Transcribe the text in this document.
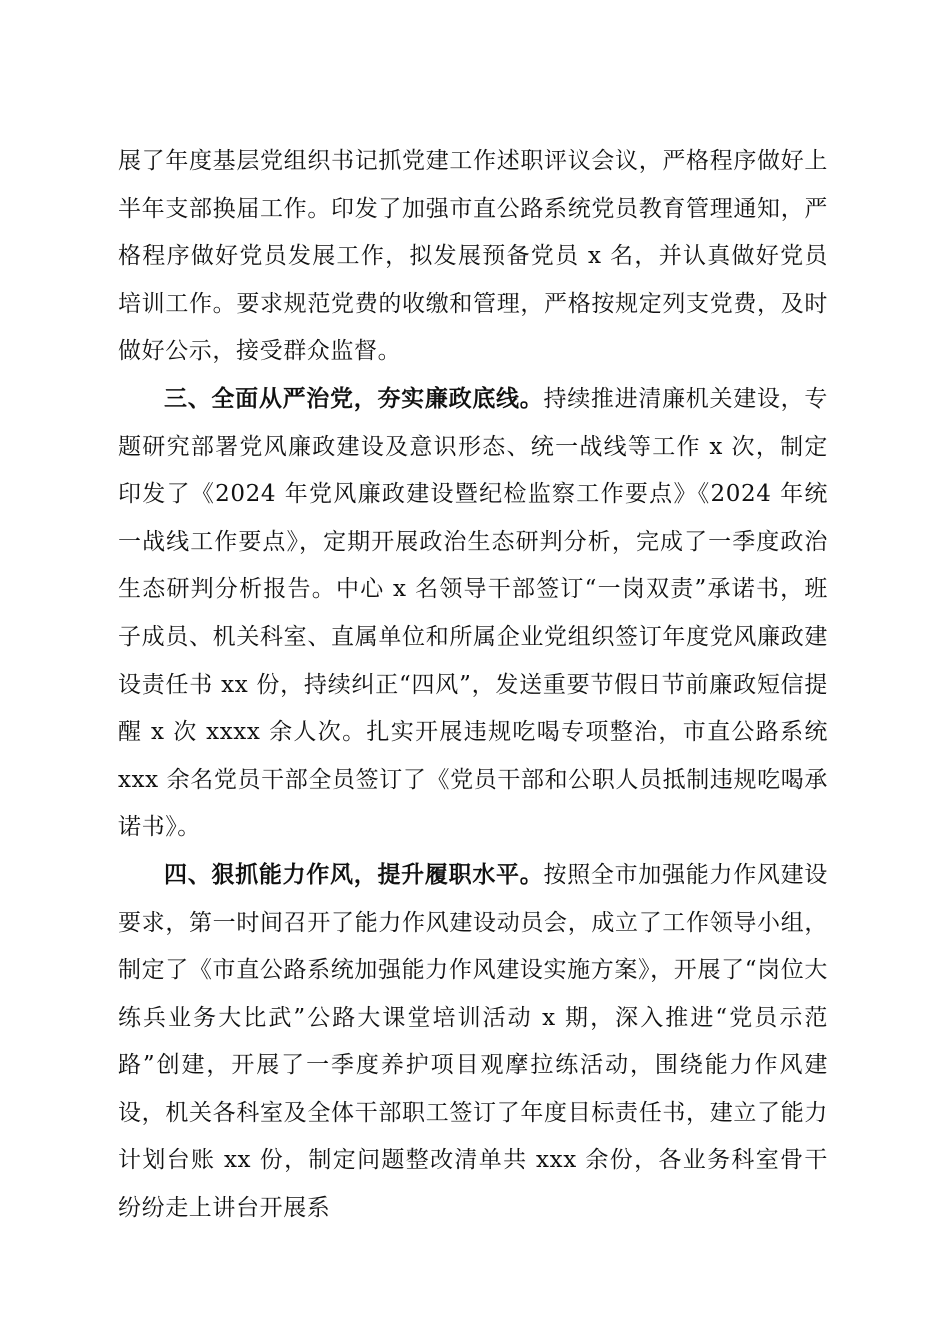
展了年度基层党组织书记抓党建工作述职评议会议，严格程序做好上半年支部换届工作。印发了加强市直公路系统党员教育管理通知，严格程序做好党员发展工作，拟发展预备党员 x 名，并认真做好党员培训工作。要求规范党费的收缴和管理，严格按规定列支党费，及时做好公示，接受群众监督。

三、全面从严治党，夯实廉政底线。持续推进清廉机关建设，专题研究部署党风廉政建设及意识形态、统一战线等工作 x 次，制定印发了《2024 年党风廉政建设暨纪检监察工作要点》《2024 年统一战线工作要点》，定期开展政治生态研判分析，完成了一季度政治生态研判分析报告。中心 x 名领导干部签订“一岗双责”承诺书，班子成员、机关科室、直属单位和所属企业党组织签订年度党风廉政建设责任书 xx 份，持续纠正“四风”，发送重要节假日节前廉政短信提醒 x 次 xxxx 余人次。扎实开展违规吃喝专项整治，市直公路系统 xxx 余名党员干部全员签订了《党员干部和公职人员抵制违规吃喝承诺书》。

四、狠抓能力作风，提升履职水平。按照全市加强能力作风建设要求，第一时间召开了能力作风建设动员会，成立了工作领导小组，制定了《市直公路系统加强能力作风建设实施方案》，开展了“岗位大练兵业务大比武”公路大课堂培训活动 x 期，深入推进“党员示范路”创建，开展了一季度养护项目观摩拉练活动，围绕能力作风建设，机关各科室及全体干部职工签订了年度目标责任书，建立了能力计划台账 xx 份，制定问题整改清单共 xxx 余份，各业务科室骨干纷纷走上讲台开展系
